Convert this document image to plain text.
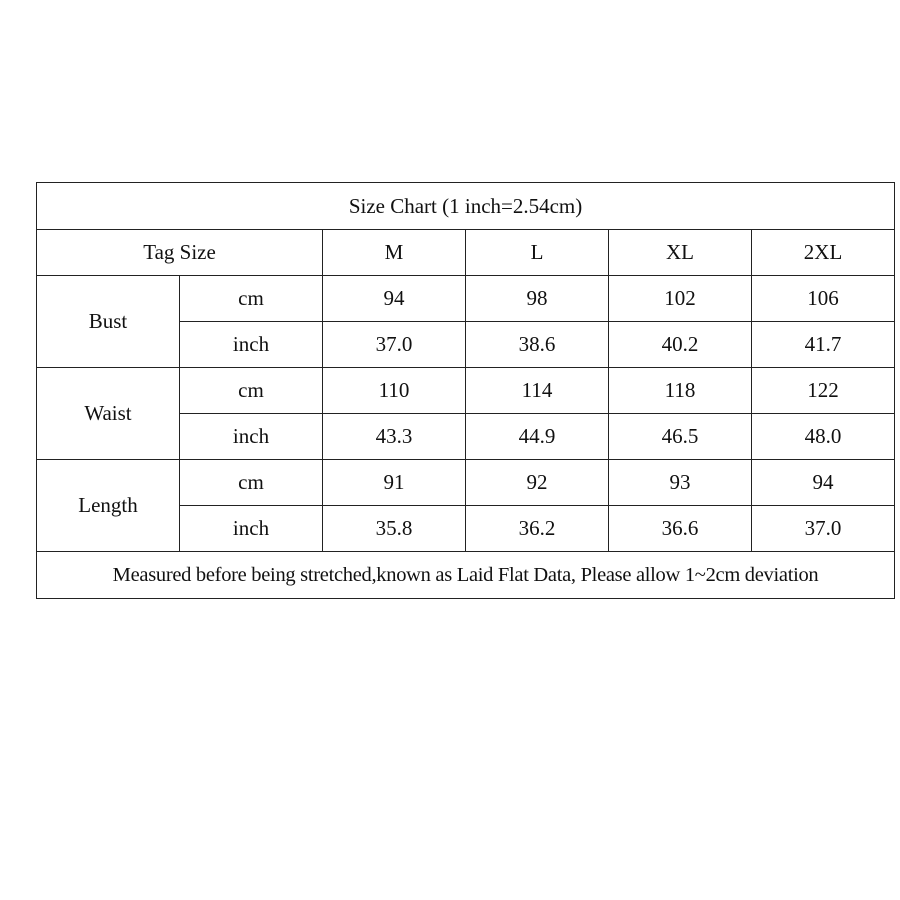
Size Chart (1 inch=2.54cm)					
Tag Size		M	L	XL	2XL
Bust	cm	94	98	102	106
	inch	37.0	38.6	40.2	41.7
Waist	cm	110	114	118	122
	inch	43.3	44.9	46.5	48.0
Length	cm	91	92	93	94
	inch	35.8	36.2	36.6	37.0
Measured before being stretched,known as Laid Flat Data, Please allow 1~2cm deviation					
